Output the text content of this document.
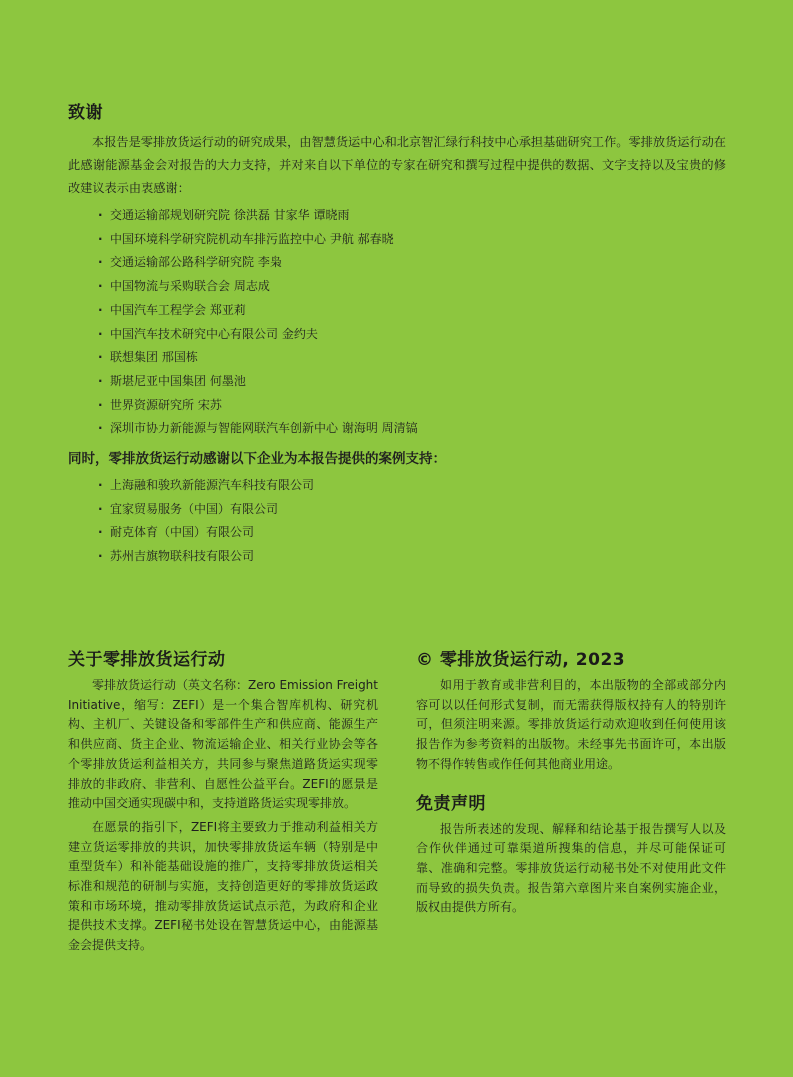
致谢

本报告是零排放货运行动的研究成果，由智慧货运中心和北京智汇绿行科技中心承担基础研究工作。零排放货运行动在此感谢能源基金会对报告的大力支持，并对来自以下单位的专家在研究和撰写过程中提供的数据、文字支持以及宝贵的修改建议表示由衷感谢：

· 交通运输部规划研究院 徐洪磊 甘家华 谭晓雨
· 中国环境科学研究院机动车排污监控中心 尹航 郝春晓
· 交通运输部公路科学研究院 李枭
· 中国物流与采购联合会 周志成
· 中国汽车工程学会 郑亚莉
· 中国汽车技术研究中心有限公司 金约夫
· 联想集团 邢国栋
· 斯堪尼亚中国集团 何墨池
· 世界资源研究所 宋苏
· 深圳市协力新能源与智能网联汽车创新中心 谢海明 周清镐
同时，零排放货运行动感谢以下企业为本报告提供的案例支持：
· 上海融和骏玖新能源汽车科技有限公司
· 宜家贸易服务（中国）有限公司
· 耐克体育（中国）有限公司
· 苏州吉旗物联科技有限公司
关于零排放货运行动

零排放货运行动（英文名称：Zero Emission Freight Initiative，缩写：ZEFI）是一个集合智库机构、研究机构、主机厂、关键设备和零部件生产和供应商、能源生产和供应商、货主企业、物流运输企业、相关行业协会等各个零排放货运利益相关方，共同参与聚焦道路货运实现零排放的非政府、非营利、自愿性公益平台。ZEFI的愿景是推动中国交通实现碳中和，支持道路货运实现零排放。

在愿景的指引下，ZEFI将主要致力于推动利益相关方建立货运零排放的共识，加快零排放货运车辆（特别是中重型货车）和补能基础设施的推广，支持零排放货运相关标准和规范的研制与实施，支持创造更好的零排放货运政策和市场环境，推动零排放货运试点示范，为政府和企业提供技术支撑。ZEFI秘书处设在智慧货运中心，由能源基金会提供支持。

© 零排放货运行动, 2023

如用于教育或非营利目的，本出版物的全部或部分内容可以以任何形式复制，而无需获得版权持有人的特别许可，但须注明来源。零排放货运行动欢迎收到任何使用该报告作为参考资料的出版物。未经事先书面许可，本出版物不得作转售或作任何其他商业用途。

免责声明

报告所表述的发现、解释和结论基于报告撰写人以及合作伙伴通过可靠渠道所搜集的信息，并尽可能保证可靠、准确和完整。零排放货运行动秘书处不对使用此文件而导致的损失负责。报告第六章图片来自案例实施企业，版权由提供方所有。
